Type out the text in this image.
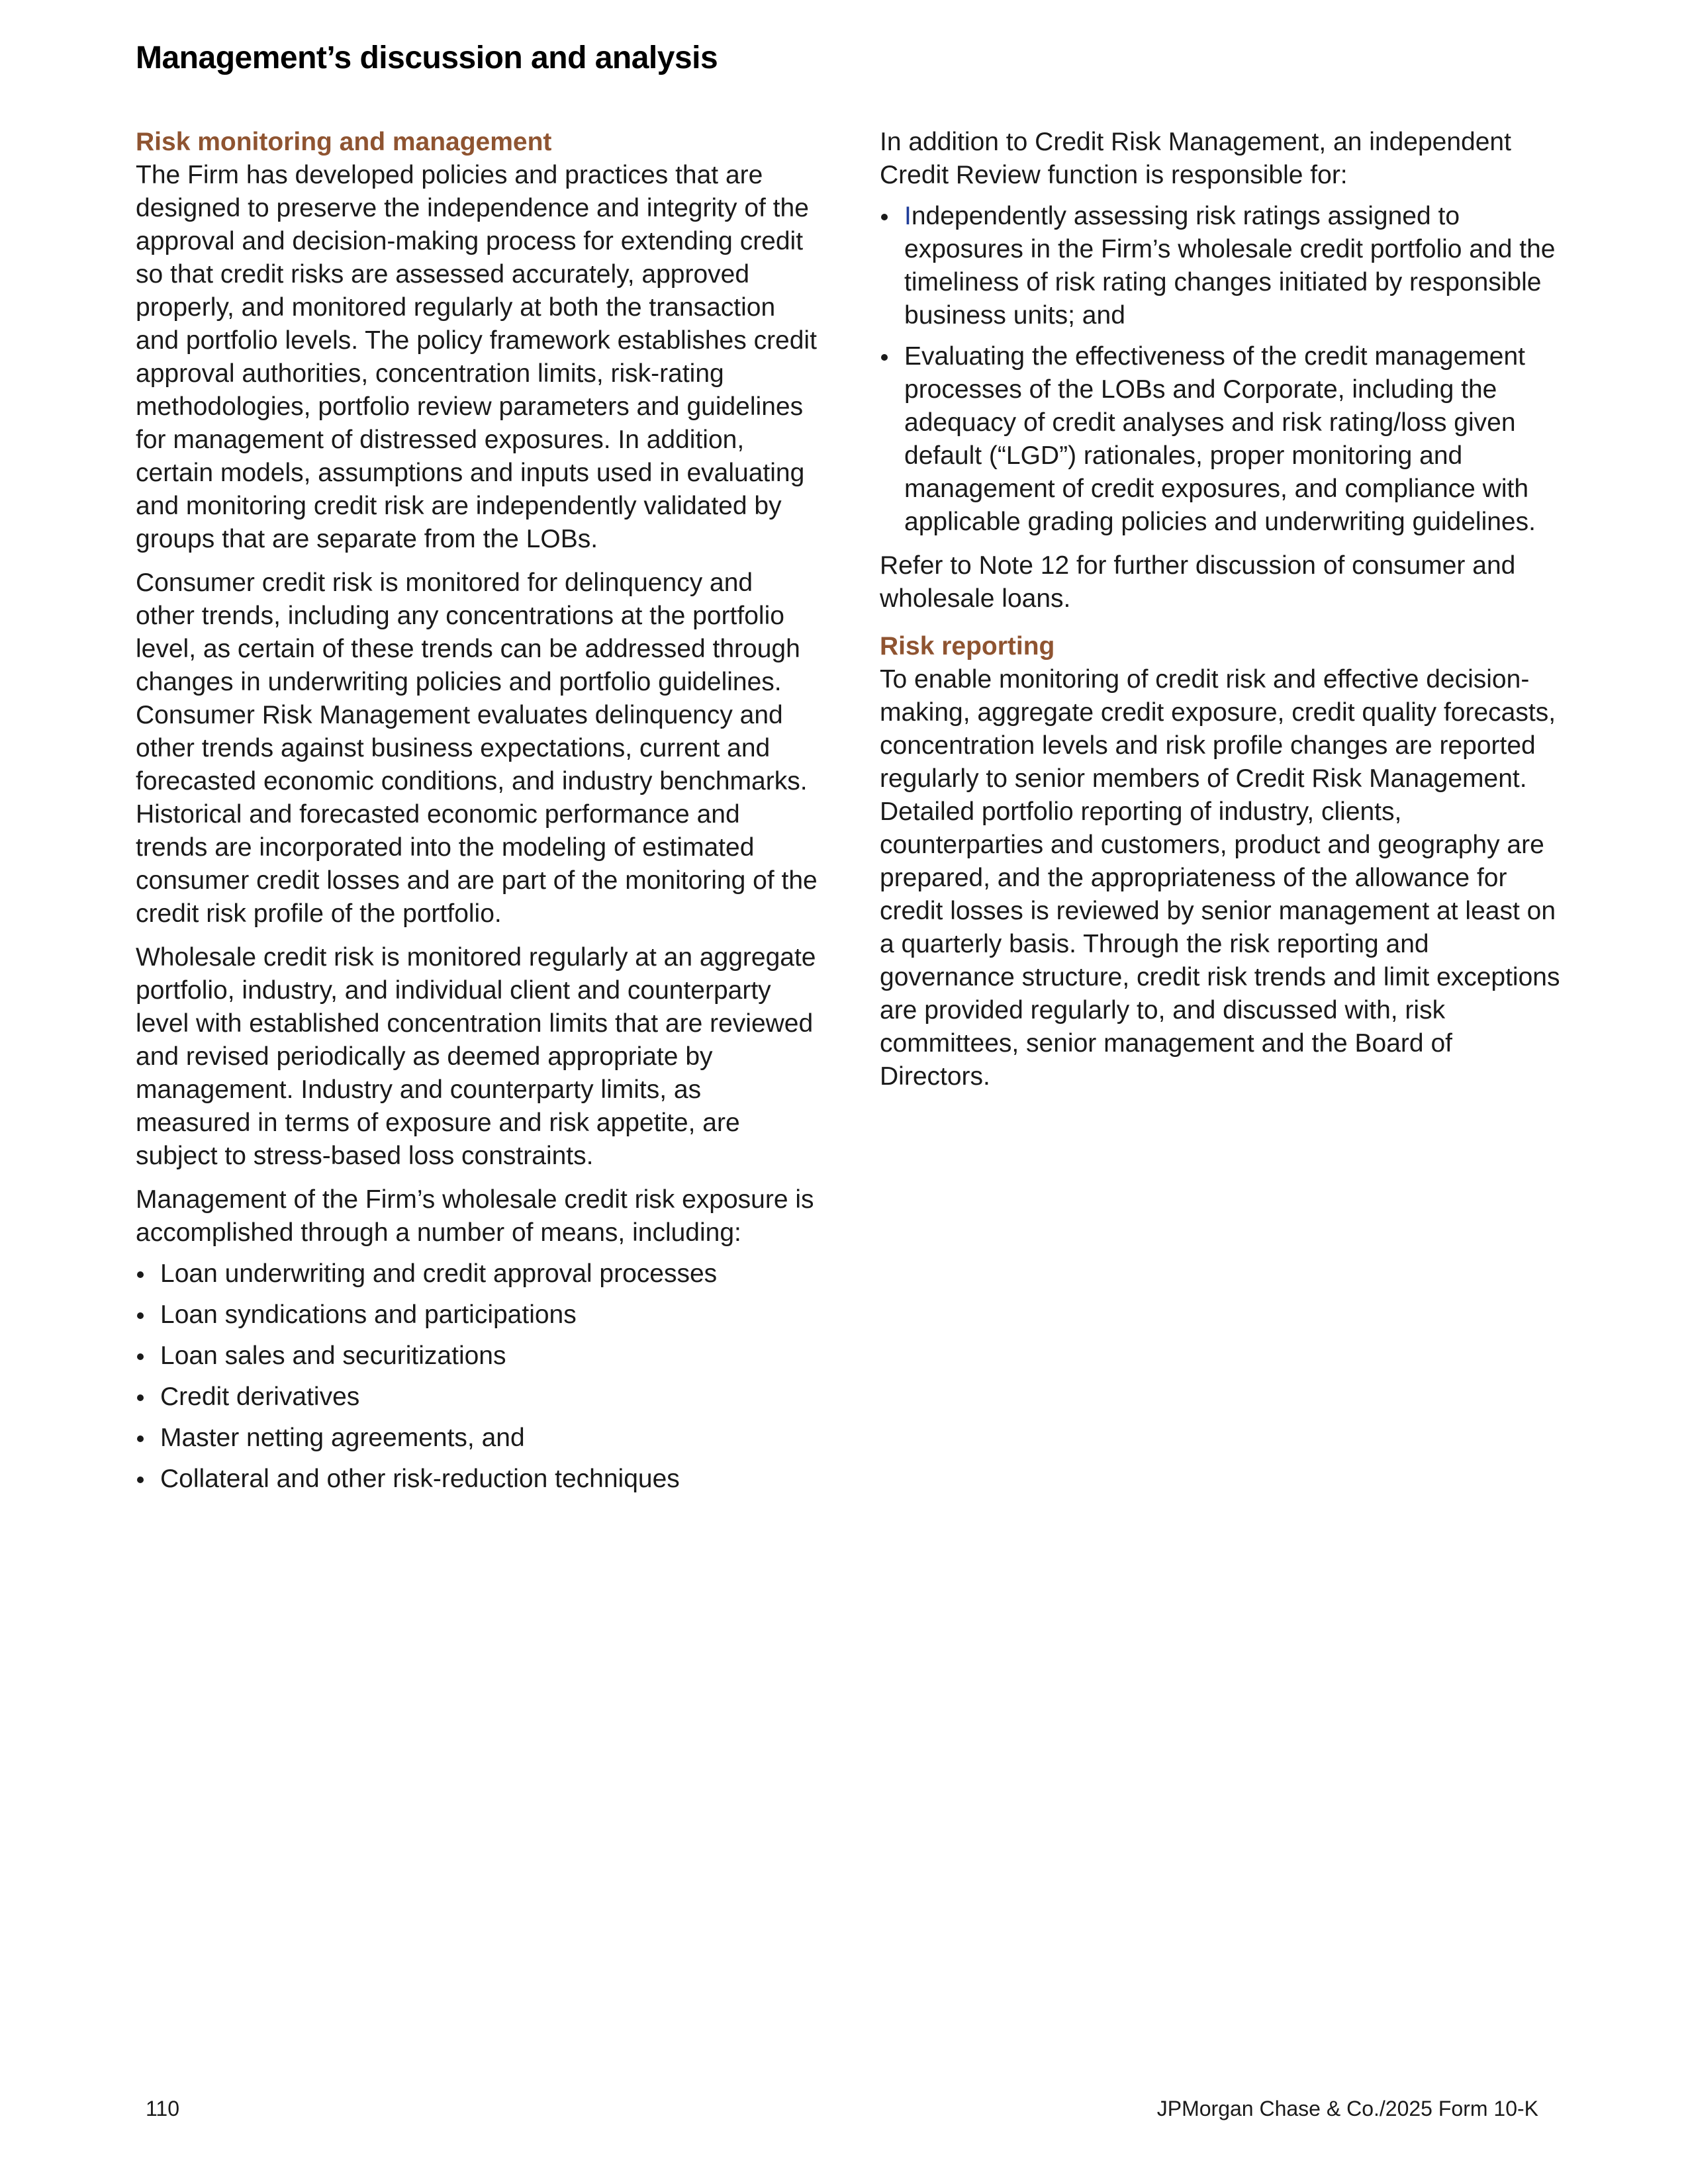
Management’s discussion and analysis
Risk monitoring and management

The Firm has developed policies and practices that are designed to preserve the independence and integrity of the approval and decision-making process for extending credit so that credit risks are assessed accurately, approved properly, and monitored regularly at both the transaction and portfolio levels. The policy framework establishes credit approval authorities, concentration limits, risk-rating methodologies, portfolio review parameters and guidelines for management of distressed exposures. In addition, certain models, assumptions and inputs used in evaluating and monitoring credit risk are independently validated by groups that are separate from the LOBs.

Consumer credit risk is monitored for delinquency and other trends, including any concentrations at the portfolio level, as certain of these trends can be addressed through changes in underwriting policies and portfolio guidelines. Consumer Risk Management evaluates delinquency and other trends against business expectations, current and forecasted economic conditions, and industry benchmarks. Historical and forecasted economic performance and trends are incorporated into the modeling of estimated consumer credit losses and are part of the monitoring of the credit risk profile of the portfolio.

Wholesale credit risk is monitored regularly at an aggregate portfolio, industry, and individual client and counterparty level with established concentration limits that are reviewed and revised periodically as deemed appropriate by management. Industry and counterparty limits, as measured in terms of exposure and risk appetite, are subject to stress-based loss constraints.

Management of the Firm’s wholesale credit risk exposure is accomplished through a number of means, including:

Loan underwriting and credit approval processes
Loan syndications and participations
Loan sales and securitizations
Credit derivatives
Master netting agreements, and
Collateral and other risk-reduction techniques

In addition to Credit Risk Management, an independent Credit Review function is responsible for:

Independently assessing risk ratings assigned to exposures in the Firm’s wholesale credit portfolio and the timeliness of risk rating changes initiated by responsible business units; and
Evaluating the effectiveness of the credit management processes of the LOBs and Corporate, including the adequacy of credit analyses and risk rating/loss given default (“LGD”) rationales, proper monitoring and management of credit exposures, and compliance with applicable grading policies and underwriting guidelines.

Refer to Note 12 for further discussion of consumer and wholesale loans.

Risk reporting

To enable monitoring of credit risk and effective decision-making, aggregate credit exposure, credit quality forecasts, concentration levels and risk profile changes are reported regularly to senior members of Credit Risk Management. Detailed portfolio reporting of industry, clients, counterparties and customers, product and geography are prepared, and the appropriateness of the allowance for credit losses is reviewed by senior management at least on a quarterly basis. Through the risk reporting and governance structure, credit risk trends and limit exceptions are provided regularly to, and discussed with, risk committees, senior management and the Board of Directors.

110	JPMorgan Chase & Co./2025 Form 10-K
